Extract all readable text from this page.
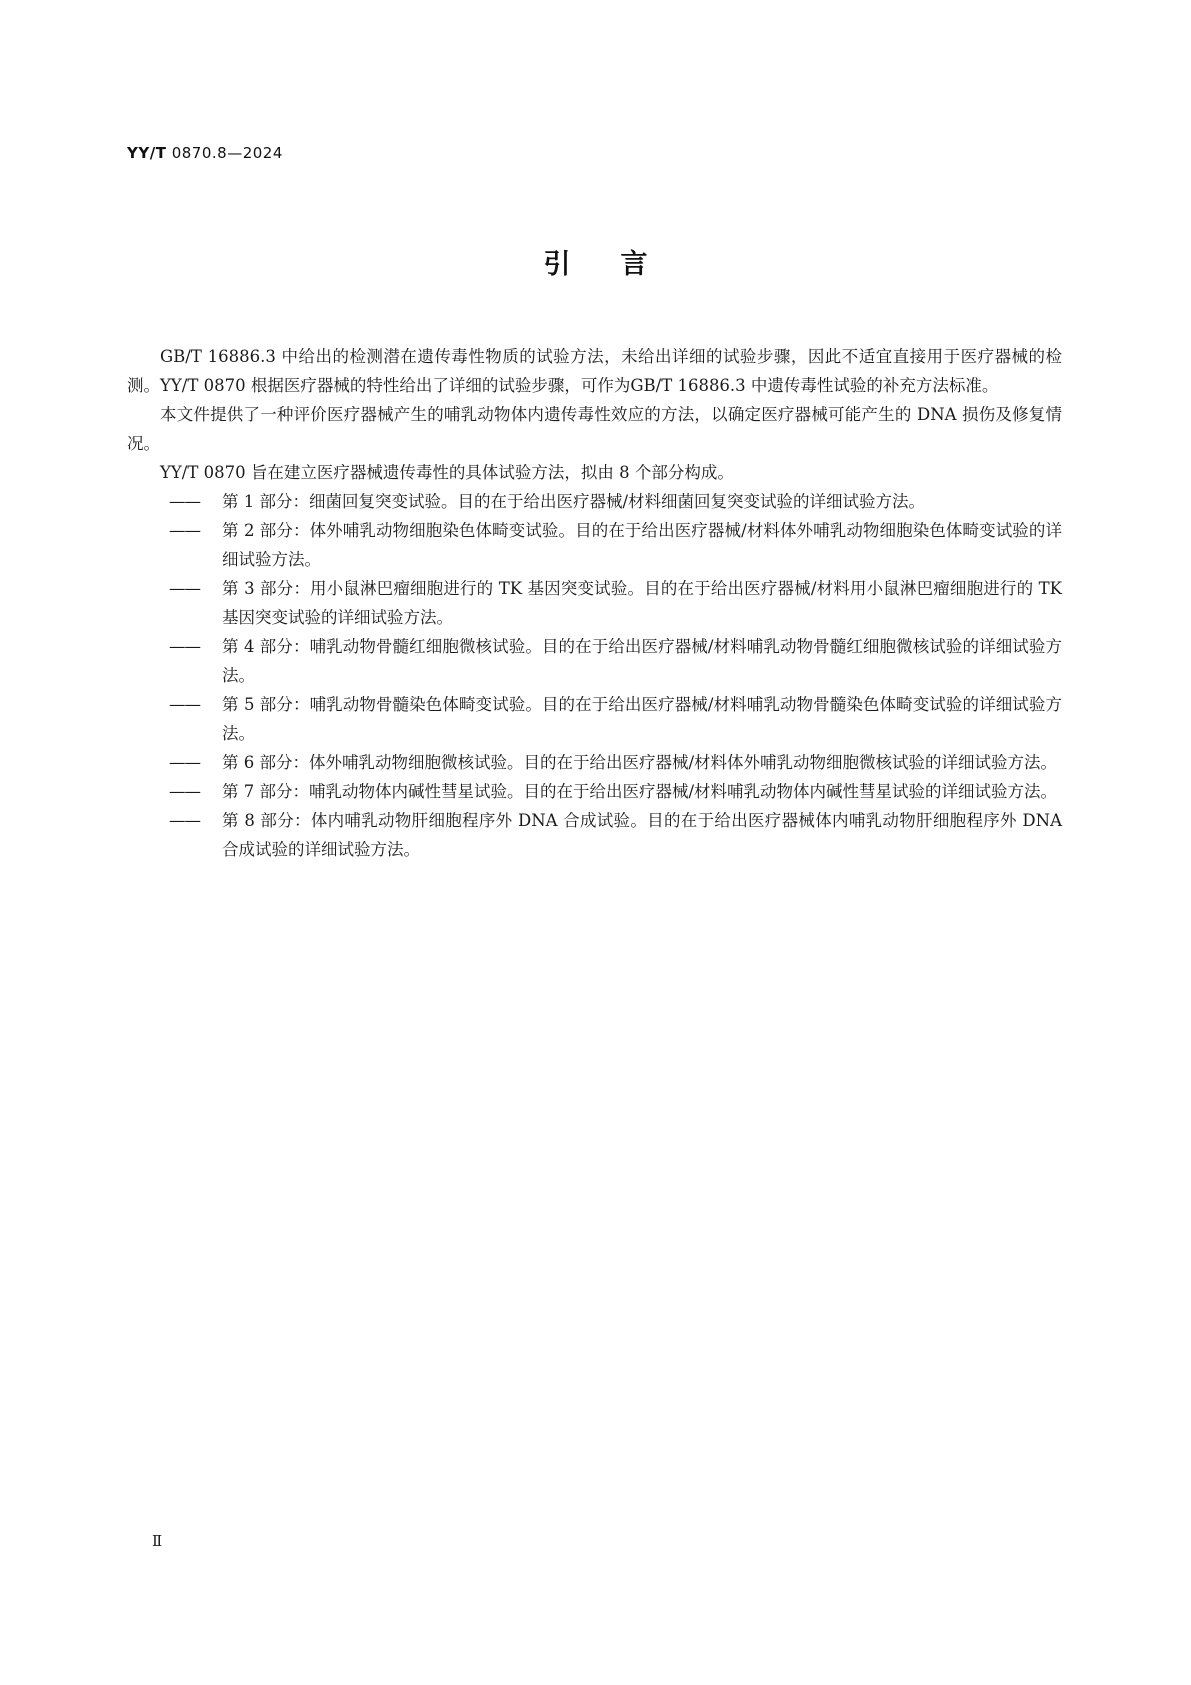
YY/T 0870.8—2024
引言

GB/T 16886.3 中给出的检测潜在遗传毒性物质的试验方法，未给出详细的试验步骤，因此不适宜直接用于医疗器械的检测。YY/T 0870 根据医疗器械的特性给出了详细的试验步骤，可作为GB/T 16886.3 中遗传毒性试验的补充方法标准。

本文件提供了一种评价医疗器械产生的哺乳动物体内遗传毒性效应的方法，以确定医疗器械可能产生的 DNA 损伤及修复情况。

YY/T 0870 旨在建立医疗器械遗传毒性的具体试验方法，拟由 8 个部分构成。

——	第 1 部分：细菌回复突变试验。目的在于给出医疗器械/材料细菌回复突变试验的详细试验方法。
——	第 2 部分：体外哺乳动物细胞染色体畸变试验。目的在于给出医疗器械/材料体外哺乳动物细胞染色体畸变试验的详细试验方法。
——	第 3 部分：用小鼠淋巴瘤细胞进行的 TK 基因突变试验。目的在于给出医疗器械/材料用小鼠淋巴瘤细胞进行的 TK 基因突变试验的详细试验方法。
——	第 4 部分：哺乳动物骨髓红细胞微核试验。目的在于给出医疗器械/材料哺乳动物骨髓红细胞微核试验的详细试验方法。
——	第 5 部分：哺乳动物骨髓染色体畸变试验。目的在于给出医疗器械/材料哺乳动物骨髓染色体畸变试验的详细试验方法。
——	第 6 部分：体外哺乳动物细胞微核试验。目的在于给出医疗器械/材料体外哺乳动物细胞微核试验的详细试验方法。
——	第 7 部分：哺乳动物体内碱性彗星试验。目的在于给出医疗器械/材料哺乳动物体内碱性彗星试验的详细试验方法。
——	第 8 部分：体内哺乳动物肝细胞程序外 DNA 合成试验。目的在于给出医疗器械体内哺乳动物肝细胞程序外 DNA 合成试验的详细试验方法。
Ⅱ
